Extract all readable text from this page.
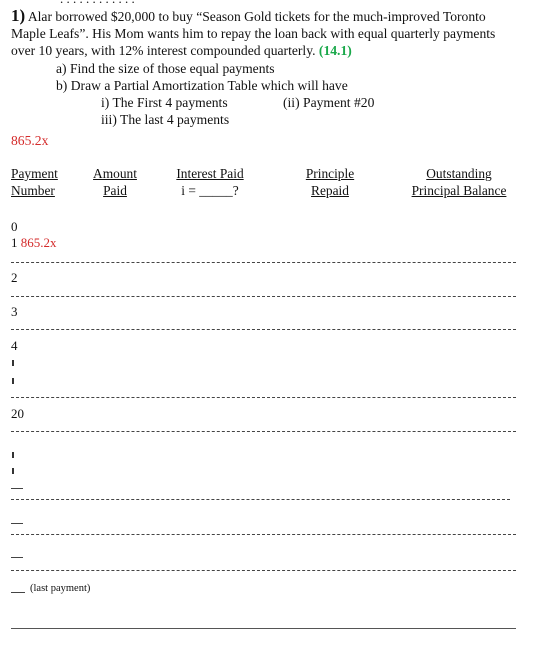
1) Alar borrowed $20,000 to buy “Season Gold tickets for the much-improved Toronto
Maple Leafs”. His Mom wants him to repay the loan back with equal quarterly payments
over 10 years, with 12% interest compounded quarterly. (14.1)
a) Find the size of those equal payments
b) Draw a Partial Amortization Table which will have
i) The First 4 payments	(ii) Payment #20
iii) The last 4 payments
865.2x
Payment
Number
Amount
Paid
Interest Paid
i = _____?
Principle
Repaid
Outstanding
Principal Balance
0
1 865.2x
2
3
4
20
(last payment)
